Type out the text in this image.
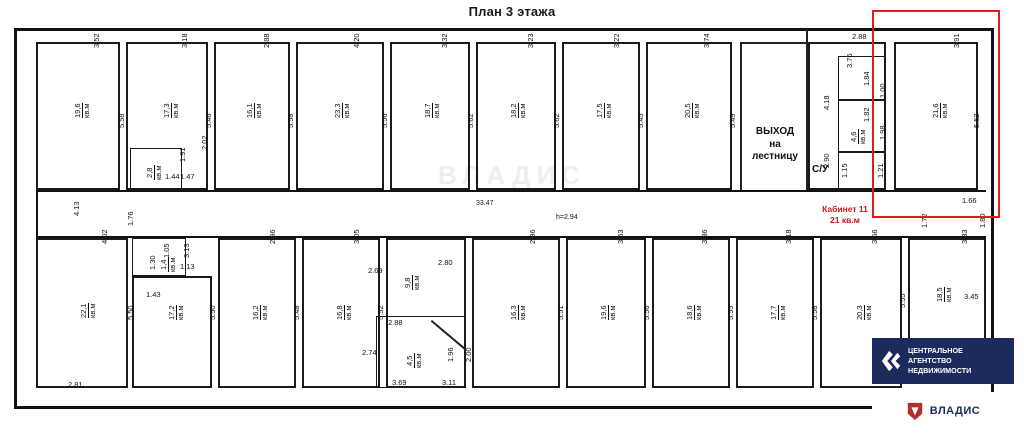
План 3 этажа
ВЛАДИС
3.52
5.58
19,6 кв.м
3.18
5.46
17,3 кв.м
2.02
1.91
1.44 1.47
2,8 кв.м
2.88
5.58
16,1 кв.м
4.20
5.56
23,3 кв.м
3.32
5.62
18,7 кв.м
3.23
5.62
18,2 кв.м
3.22
5.45
17,5 кв.м
3.74
5.49
20,5 кв.м
ВЫХОД
на
лестницу
2.88
3.76
1.84
1.00
4.18
1.82
1.98
2.90
1.21
1.15
4,6 кв.м
С/У
3.91
5.52
21,6 кв.м
1.66
1.72	1.80
Кабинет 11
21 кв.м
33.47
h=2.94
4.13
1.76
4.02
5.50
22,1 кв.м
2.81
1.05
1.30	1.13
1.43
1,4 кв.м
3.13
5.50
17,2 кв.м
2.96
5.48
16,2 кв.м
3.05
5.52
16,8 кв.м
2.69
2.80
2.88
2.74	1.96 2.00
3.69	3.11
9,8 кв.м
4,5 кв.м
2.96
5.51
16,3 кв.м
3.53
5.56
19,6 кв.м
3.36
5.55
18,6 кв.м
3.18
5.58
17,7 кв.м
3.66
5.55
20,3 кв.м
3.33
3.45
18,5 кв.м
ЦЕНТРАЛЬНОЕ
АГЕНТСТВО
НЕДВИЖИМОСТИ
ВЛАДИС
